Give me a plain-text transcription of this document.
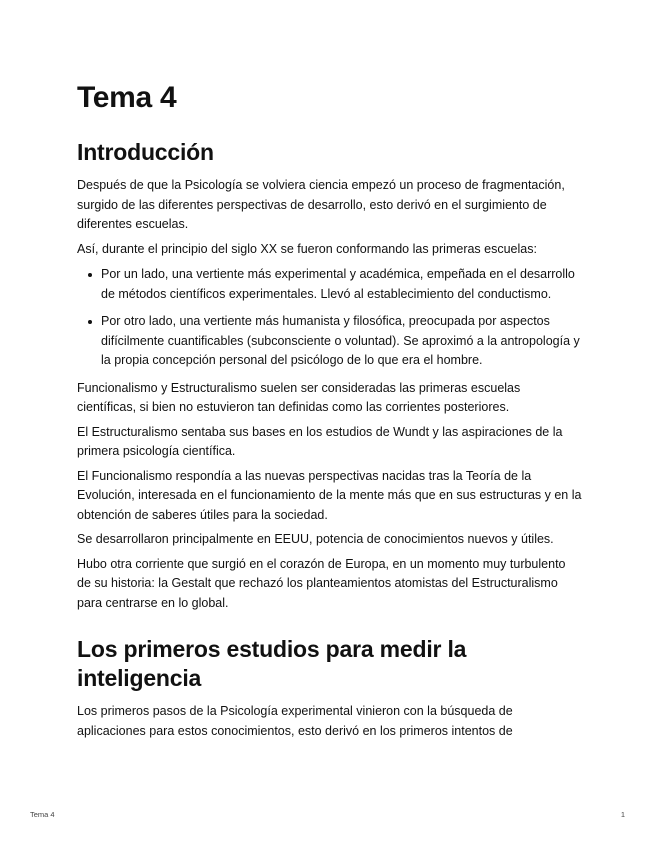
Tema 4
Introducción

Después de que la Psicología se volviera ciencia empezó un proceso de fragmentación, surgido de las diferentes perspectivas de desarrollo, esto derivó en el surgimiento de diferentes escuelas.

Así, durante el principio del siglo XX se fueron conformando las primeras escuelas:

Por un lado, una vertiente más experimental y académica, empeñada en el desarrollo de métodos científicos experimentales. Llevó al establecimiento del conductismo.
Por otro lado, una vertiente más humanista y filosófica, preocupada por aspectos difícilmente cuantificables (subconsciente o voluntad). Se aproximó a la antropología y la propia concepción personal del psicólogo de lo que era el hombre.

Funcionalismo y Estructuralismo suelen ser consideradas las primeras escuelas científicas, si bien no estuvieron tan definidas como las corrientes posteriores.

El Estructuralismo sentaba sus bases en los estudios de Wundt y las aspiraciones de la primera psicología científica.

El Funcionalismo respondía a las nuevas perspectivas nacidas tras la Teoría de la Evolución, interesada en el funcionamiento de la mente más que en sus estructuras y en la obtención de saberes útiles para la sociedad.

Se desarrollaron principalmente en EEUU, potencia de conocimientos nuevos y útiles.

Hubo otra corriente que surgió en el corazón de Europa, en un momento muy turbulento de su historia: la Gestalt que rechazó los planteamientos atomistas del Estructuralismo para centrarse en lo global.

Los primeros estudios para medir la inteligencia

Los primeros pasos de la Psicología experimental vinieron con la búsqueda de aplicaciones para estos conocimientos, esto derivó en los primeros intentos de

Tema 4	1
